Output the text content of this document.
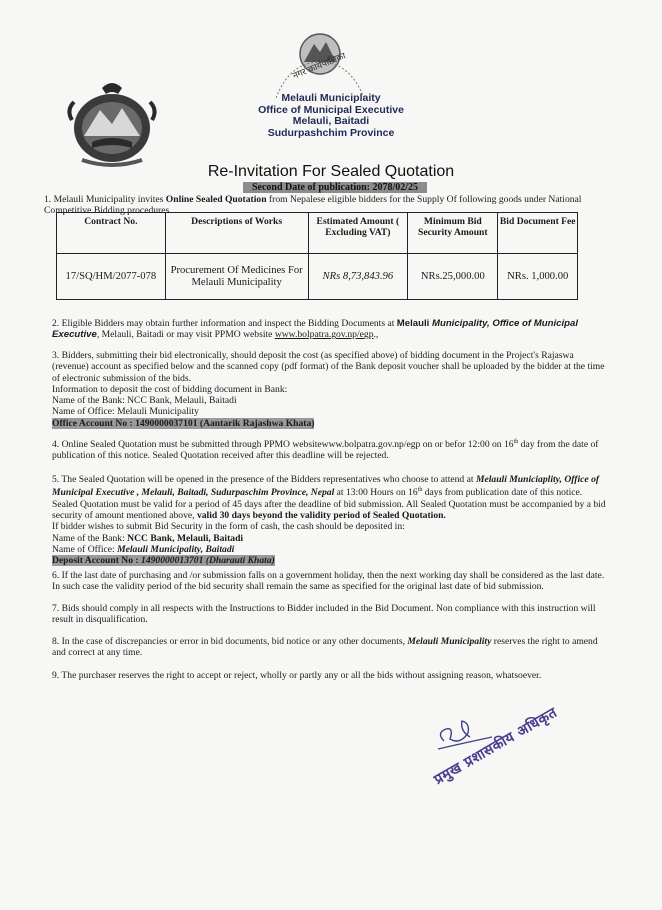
नगर कार्यपालिका
Melauli Municiplaity
Office of Municipal Executive
Melauli, Baitadi
Sudurpashchim Province
Re-Invitation For Sealed Quotation
Second Date of publication: 2078/02/25
1. Melauli Municipality invites Online Sealed Quotation from Nepalese eligible bidders for the Supply Of following goods under National Competitive Bidding procedures.
Contract No.	Descriptions of Works	Estimated Amount ( Excluding VAT)	Minimum Bid Security Amount	Bid Document Fee
17/SQ/HM/2077-078	Procurement Of Medicines For Melauli Municipality	NRs 8,73,843.96	NRs.25,000.00	NRs. 1,000.00
2. Eligible Bidders may obtain further information and inspect the Bidding Documents at Melauli Municipality, Office of Municipal Executive, Melauli, Baitadi or may visit PPMO website www.bolpatra.gov.np/egp.,

3. Bidders, submitting their bid electronically, should deposit the cost (as specified above) of bidding document in the Project's Rajaswa (revenue) account as specified below and the scanned copy (pdf format) of the Bank deposit voucher shall be uploaded by the bidder at the time of electronic submission of the bids.

Information to deposit the cost of bidding document in Bank:

Name of the Bank: NCC Bank, Melauli, Baitadi

Name of Office: Melauli Municipality

Office Account No : 1490000037101 (Aantarik Rajashwa Khata)

4. Online Sealed Quotation must be submitted through PPMO websitewww.bolpatra.gov.np/egp on or befor 12:00 on 16th day from the date of publication of this notice. Sealed Quotation received after this deadline will be rejected.
5. The Sealed Quotation will be opened in the presence of the Bidders representatives who choose to attend at Melauli Municiaplity, Office of Municipal Executive , Melauli, Baitadi, Sudurpaschim Province, Nepal at 13:00 Hours on 16th days from publication date of this notice. Sealed Quotation must be valid for a period of 45 days after the deadline of bid submission. All Sealed Quotation must be accompanied by a bid security of amount mentioned above, valid 30 days beyond the validity period of Sealed Quotation.

If bidder wishes to submit Bid Security in the form of cash, the cash should be deposited in:

Name of the Bank: NCC Bank, Melauli, Baitadi

Name of Office: Melauli Municipality, Baitadi

Deposit Account No : 1490000013701 (Dharauti Khata)

6. If the last date of purchasing and /or submission falls on a government holiday, then the next working day shall be considered as the last date. In such case the validity period of the bid security shall remain the same as specified for the original last date of bid submission.
7. Bids should comply in all respects with the Instructions to Bidder included in the Bid Document. Non compliance with this instruction will result in disqualification.
8. In the case of discrepancies or error in bid documents, bid notice or any other documents, Melauli Municipality reserves the right to amend and correct at any time.
9. The purchaser reserves the right to accept or reject, wholly or partly any or all the bids without assigning reason, whatsoever.
प्रमुख प्रशासकीय अधिकृत
